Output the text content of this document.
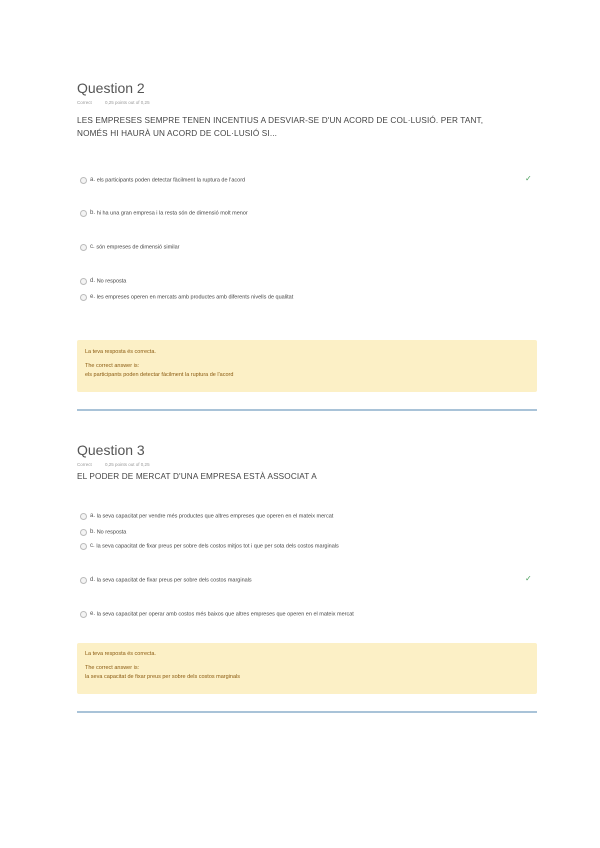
Question 2
Correct	0,25 points out of 0,25
LES EMPRESES SEMPRE TENEN INCENTIUS A DESVIAR-SE D'UN ACORD DE COL·LUSIÓ. PER TANT,
NOMÉS HI HAURÀ UN ACORD DE COL·LUSIÓ SI...
a. els participants poden detectar fàcilment la ruptura de l'acord	✓
b. hi ha una gran empresa i la resta són de dimensió molt menor
c. són empreses de dimensió similar
d. No resposta
e. les empreses operen en mercats amb productes amb diferents nivells de qualitat
La teva resposta és correcta.
The correct answer is:
els participants poden detectar fàcilment la ruptura de l'acord
Question 3
Correct	0,25 points out of 0,25
EL PODER DE MERCAT D'UNA EMPRESA ESTÀ ASSOCIAT A
a. la seva capacitat per vendre més productes que altres empreses que operen en el mateix mercat
b. No resposta
c. la seva capacitat de fixar preus per sobre dels costos mitjos tot i que per sota dels costos marginals
d. la seva capacitat de fixar preus per sobre dels costos marginals	✓
e. la seva capacitat per operar amb costos més baixos que altres empreses que operen en el mateix mercat
La teva resposta és correcta.
The correct answer is:
la seva capacitat de fixar preus per sobre dels costos marginals
